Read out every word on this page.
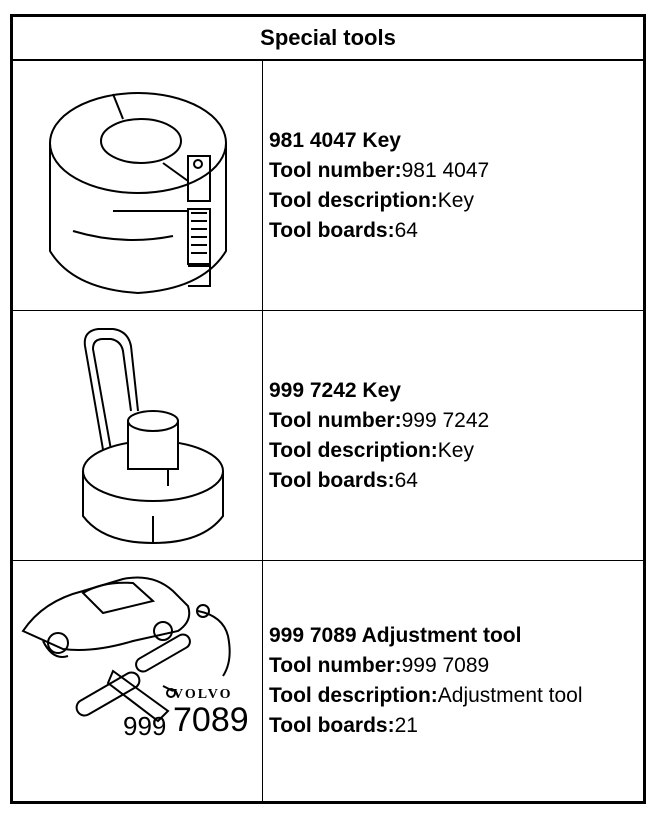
Special tools
981 4047 Key
Tool number:981 4047
Tool description:Key
Tool boards:64
999 7242 Key
Tool number:999 7242
Tool description:Key
Tool boards:64
VOLVO
999 7089
999 7089 Adjustment tool
Tool number:999 7089
Tool description:Adjustment tool
Tool boards:21
